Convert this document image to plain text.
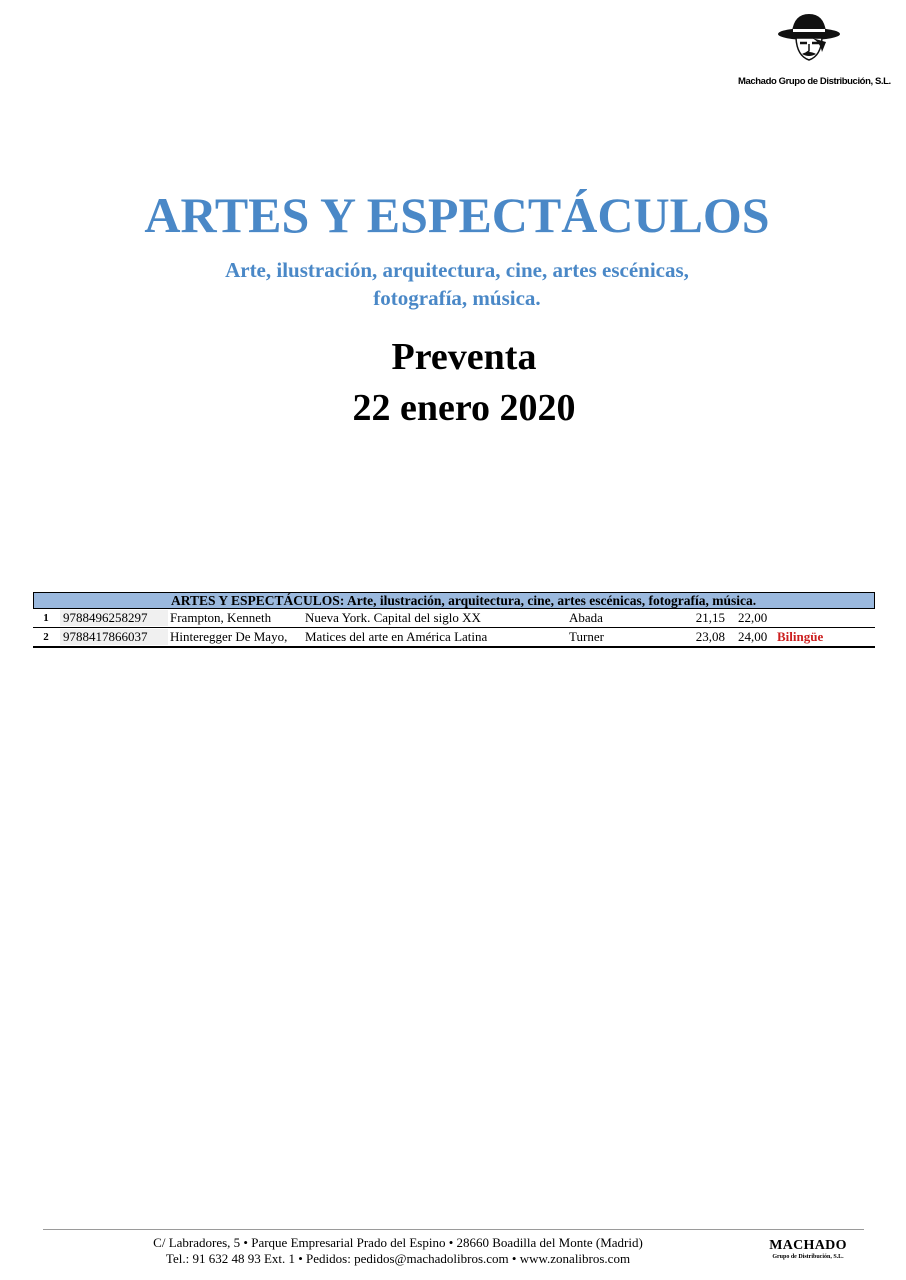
Machado Grupo de Distribución, S.L.
ARTES Y ESPECTÁCULOS
Arte, ilustración, arquitectura, cine, artes escénicas,
fotografía, música.
Preventa
22 enero 2020
ARTES Y ESPECTÁCULOS: Arte, ilustración, arquitectura, cine, artes escénicas, fotografía, música.
1	9788496258297	Frampton, Kenneth	Nueva York. Capital del siglo XX	Abada	21,15 22,00
2	9788417866037	Hinteregger De Mayo,	Matices del arte en América Latina	Turner	23,08 24,00 Bilingüe
C/ Labradores, 5 • Parque Empresarial Prado del Espino • 28660 Boadilla del Monte (Madrid)
Tel.: 91 632 48 93 Ext. 1 • Pedidos: pedidos@machadolibros.com • www.zonalibros.com
MACHADO
Grupo de Distribución, S.L.
